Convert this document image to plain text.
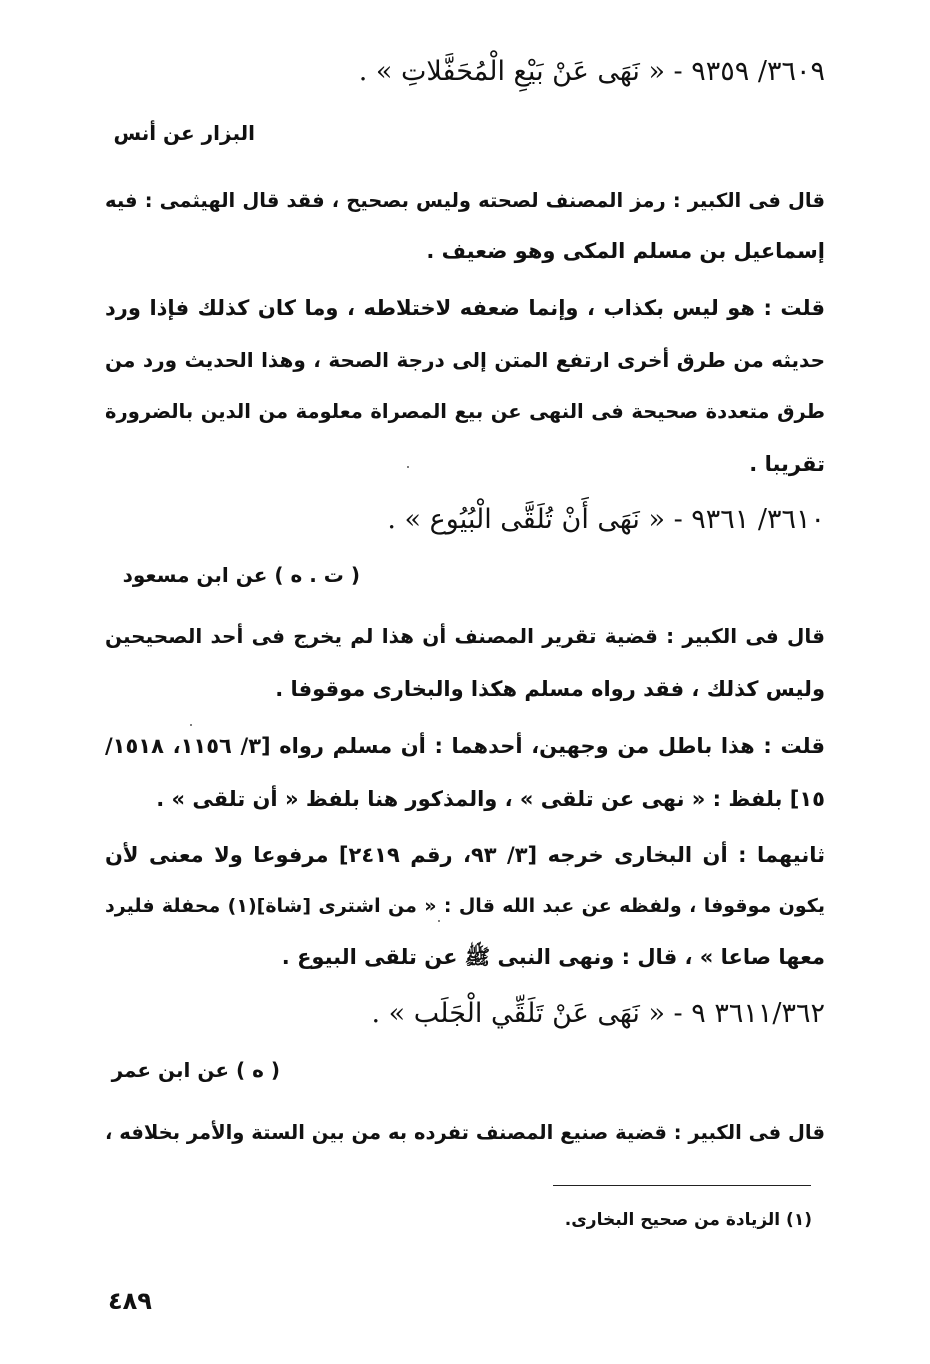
٣٦٠٩/ ٩٣٥٩ - « نَهَى عَنْ بَيْعِ الْمُحَفَّلاتِ » .
البزار عن أنس
قال فى الكبير : رمز المصنف لصحته وليس بصحيح ، فقد قال الهيثمى : فيه
إسماعيل بن مسلم المكى وهو ضعيف .
قلت : هو ليس بكذاب ، وإنما ضعفه لاختلاطه ، وما كان كذلك فإذا ورد
حديثه من طرق أخرى ارتفع المتن إلى درجة الصحة ، وهذا الحديث ورد من
طرق متعددة صحيحة فى النهى عن بيع المصراة معلومة من الدين بالضرورة
تقريبا .
٣٦١٠/ ٩٣٦١ - « نَهَى أَنْ تُلَقَّى الْبُيُوع » .
( ت . ه ) عن ابن مسعود
قال فى الكبير : قضية تقرير المصنف أن هذا لم يخرج فى أحد الصحيحين
وليس كذلك ، فقد رواه مسلم هكذا والبخارى موقوفا .
قلت : هذا باطل من وجهين، أحدهما : أن مسلم رواه [٣/ ١١٥٦، ١٥١٨/
١٥] بلفظ : « نهى عن تلقى » ، والمذكور هنا بلفظ « أن تلقى » .
ثانيهما : أن البخارى خرجه [٣/ ٩٣، رقم ٢٤١٩] مرفوعا ولا معنى لأن
يكون موقوفا ، ولفظه عن عبد الله قال : « من اشترى [شاة](١) محفلة فليرد
معها صاعا » ، قال : ونهى النبى ﷺ عن تلقى البيوع .
٣٦١١/٣٦٢ ٩ - « نَهَى عَنْ تَلَقِّي الْجَلَب » .
( ه ) عن ابن عمر
قال فى الكبير : قضية صنيع المصنف تفرده به من بين الستة والأمر بخلافه ،
(١) الزيادة من صحيح البخارى.
٤٨٩
